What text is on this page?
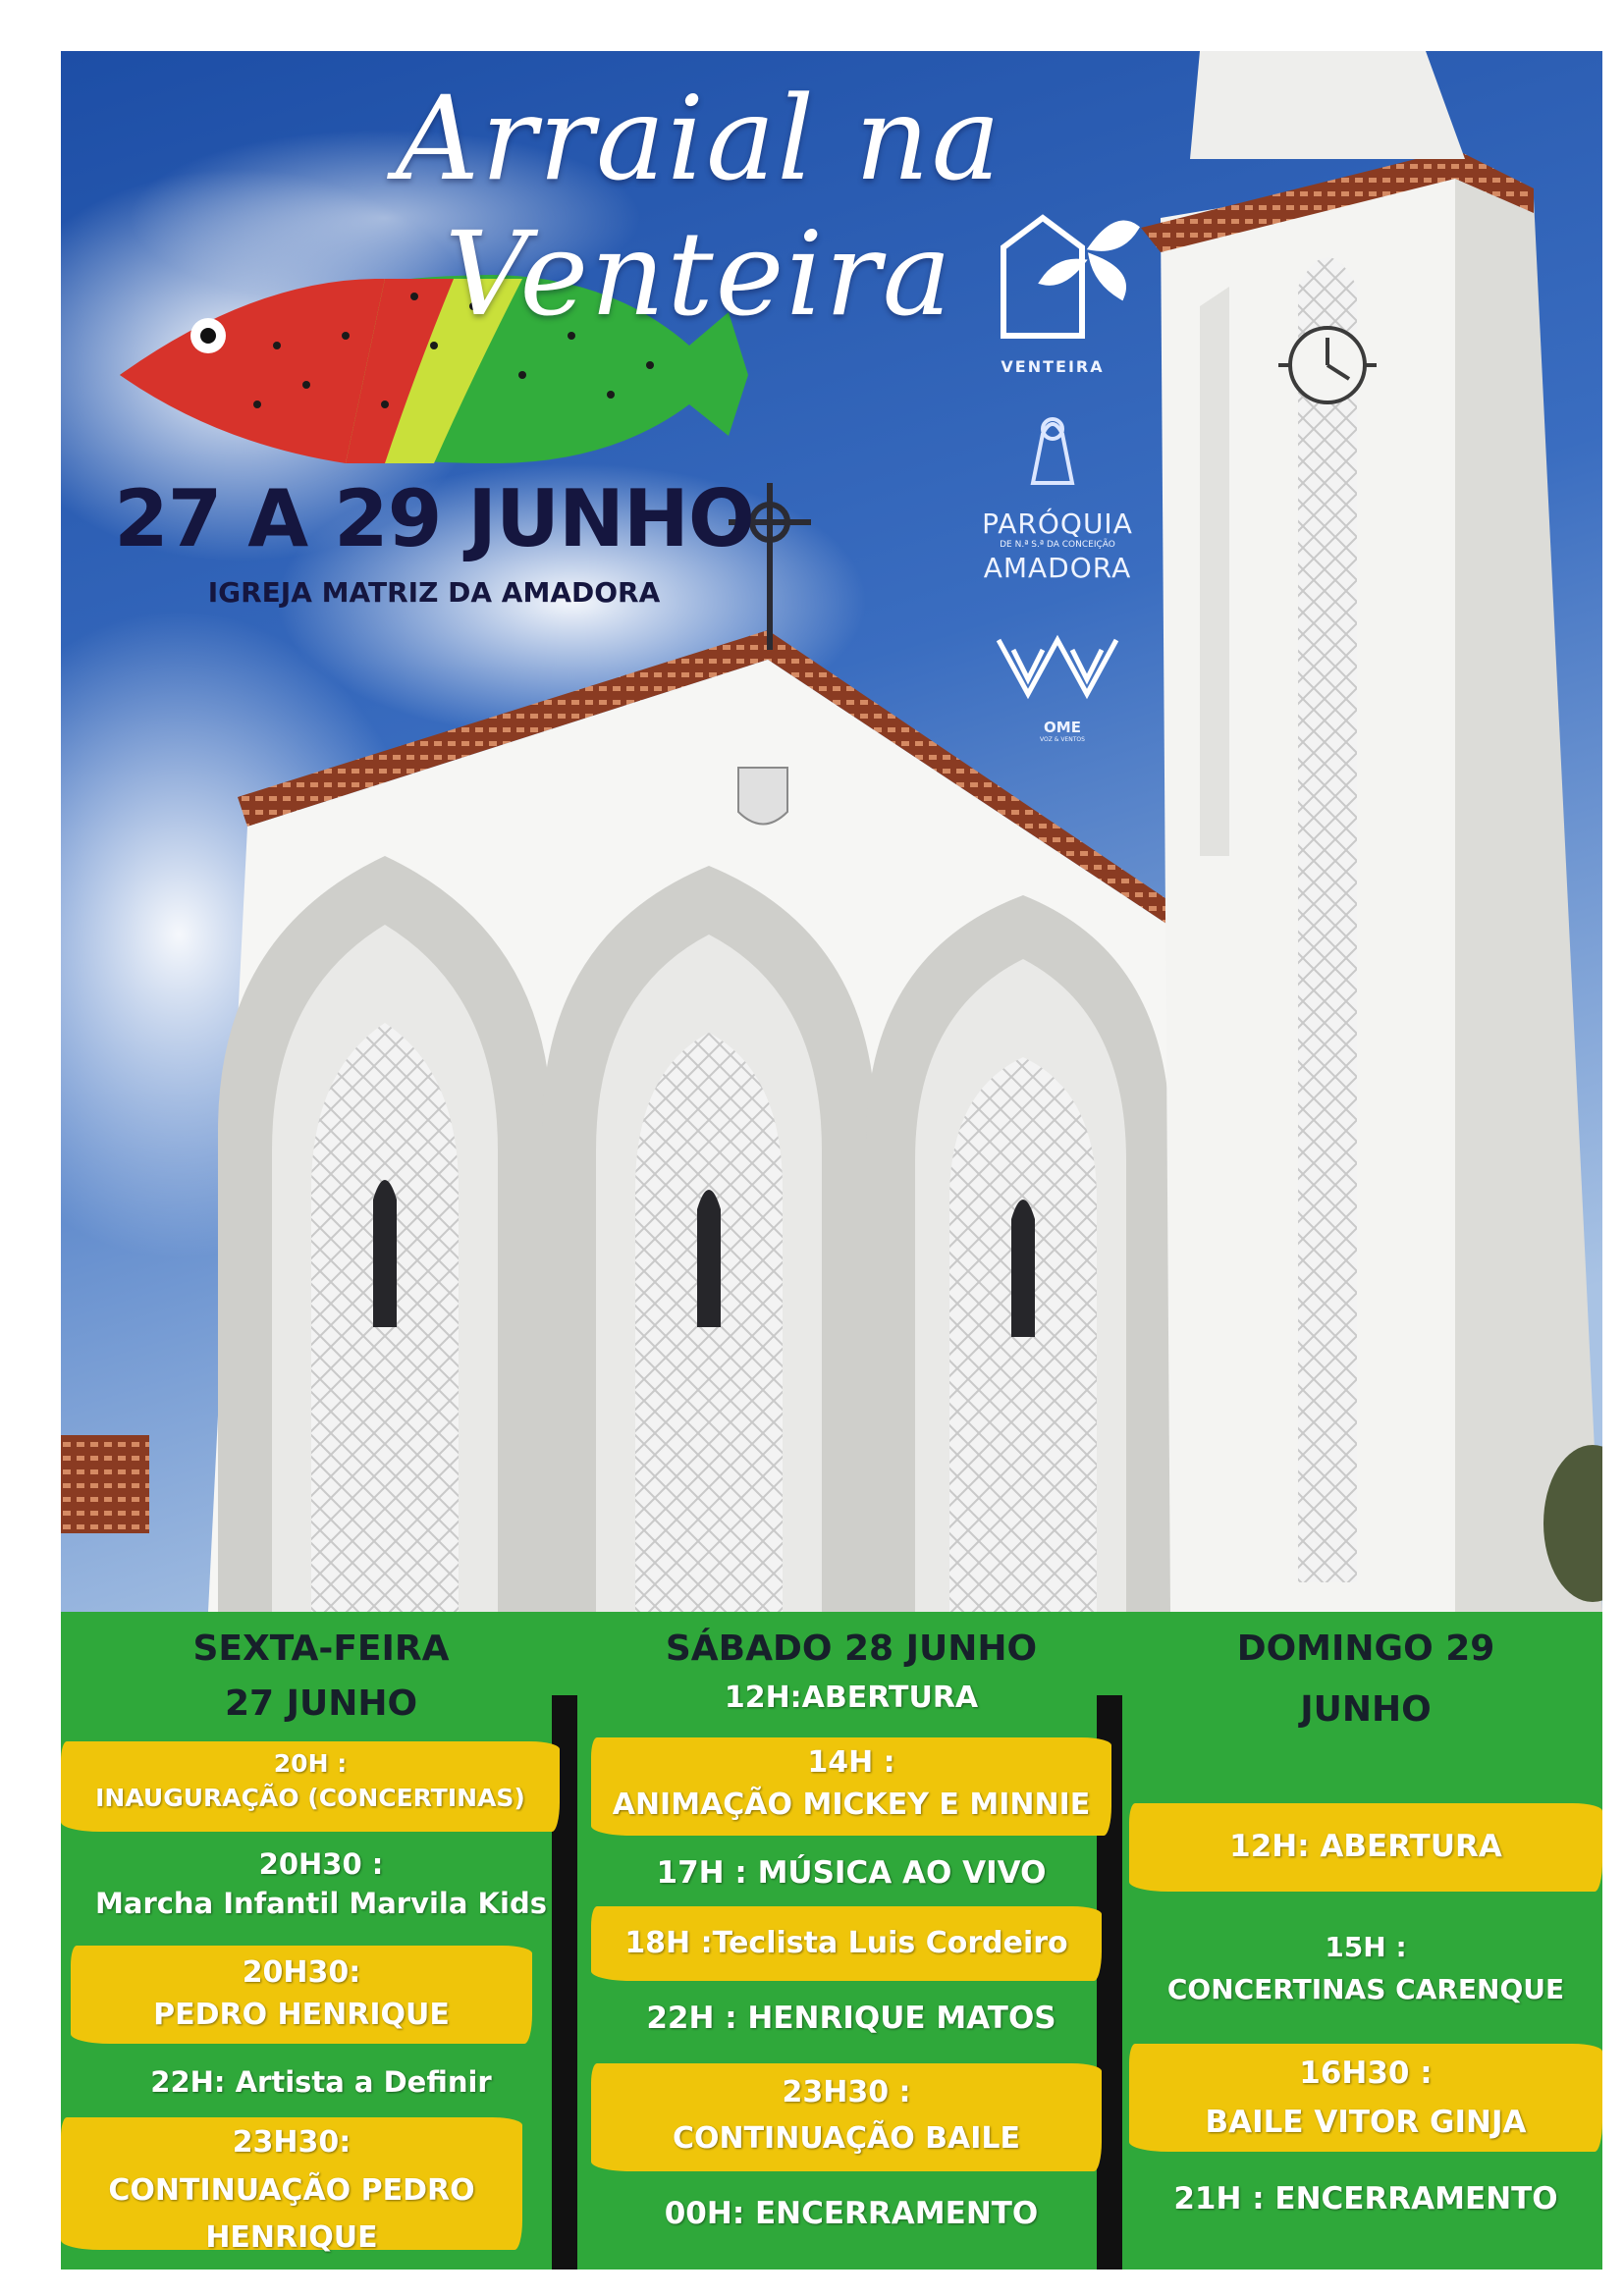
Arraial na Venteira
27 A 29 JUNHO
IGREJA MATRIZ DA AMADORA
VENTEIRA
PARÓQUIA
DE N.ª S.ª DA CONCEIÇÃO
AMADORA
OME
VOZ & VENTOS
SEXTA-FEIRA
27 JUNHO
20H :
INAUGURAÇÃO (CONCERTINAS)
20H30 :
Marcha Infantil Marvila Kids
20H30:
PEDRO HENRIQUE
22H: Artista a Definir
23H30:
CONTINUAÇÃO PEDRO HENRIQUE
SÁBADO 28 JUNHO
12H:ABERTURA
14H :
ANIMAÇÃO MICKEY E MINNIE
17H : MÚSICA AO VIVO
18H :Teclista Luis Cordeiro
22H : HENRIQUE MATOS
23H30 :
CONTINUAÇÃO BAILE
00H: ENCERRAMENTO
DOMINGO 29
JUNHO
12H: ABERTURA
15H :
CONCERTINAS CARENQUE
16H30 :
BAILE VITOR GINJA
21H : ENCERRAMENTO
